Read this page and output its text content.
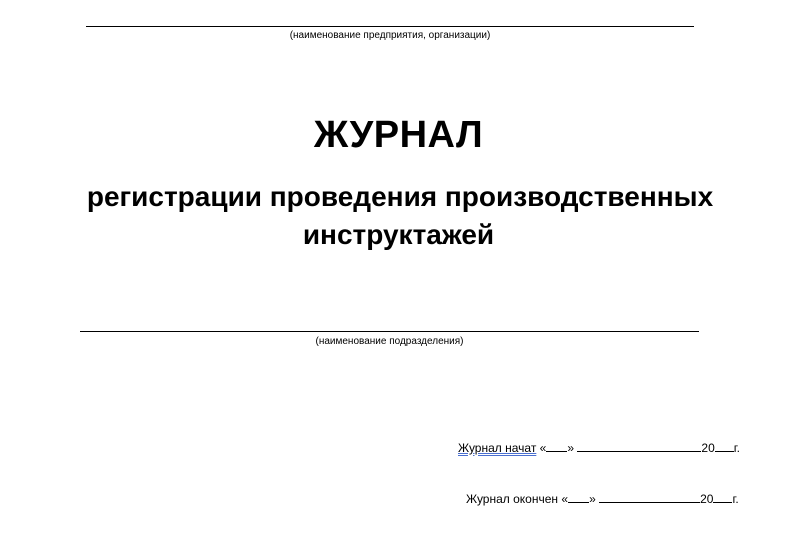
(наименование предприятия, организации)
ЖУРНАЛ
регистрации проведения производственных
инструктажей
(наименование подразделения)
Журнал начат « »	20 г.
Журнал окончен « »	20 г.
